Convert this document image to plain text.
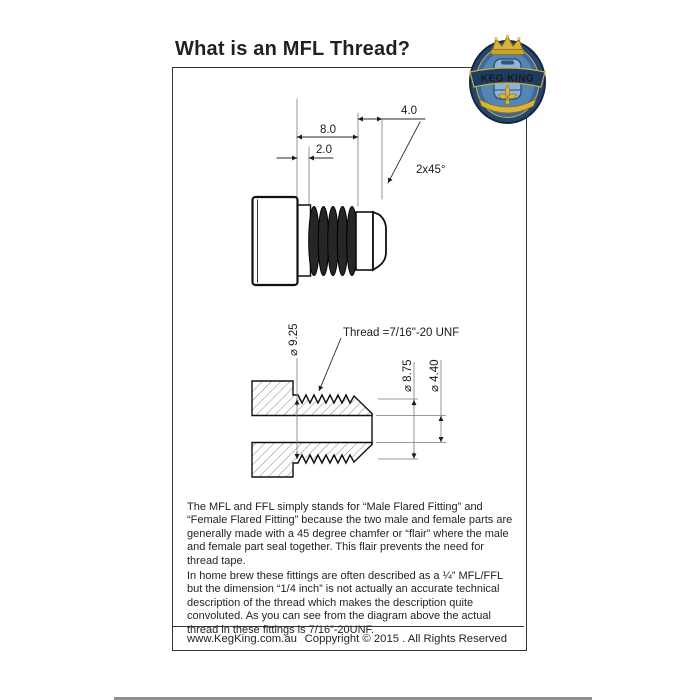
What is an MFL Thread?
8.0
2.0
4.0
2x45°
⌀ 9.25	Thread =7/16"-20 UNF
⌀ 8.75 ⌀ 4.40
KEG KING
The MFL and FFL simply stands for “Male Flared Fitting” and “Female Flared Fitting” because the two male and female parts are generally made with a 45 degree chamfer or “flair” where the male and female part seal together. This flair prevents the need for thread tape.
In home brew these fittings are often described as a ¼” MFL/FFL but the dimension “1/4 inch” is not actually an accurate technical description of the thread which makes the description quite convoluted. As you can see from the diagram above the actual thread in these fittings is 7/16”-20UNF.
www.KegKing.com.au Coppyright © 2015 . All Rights Reserved
